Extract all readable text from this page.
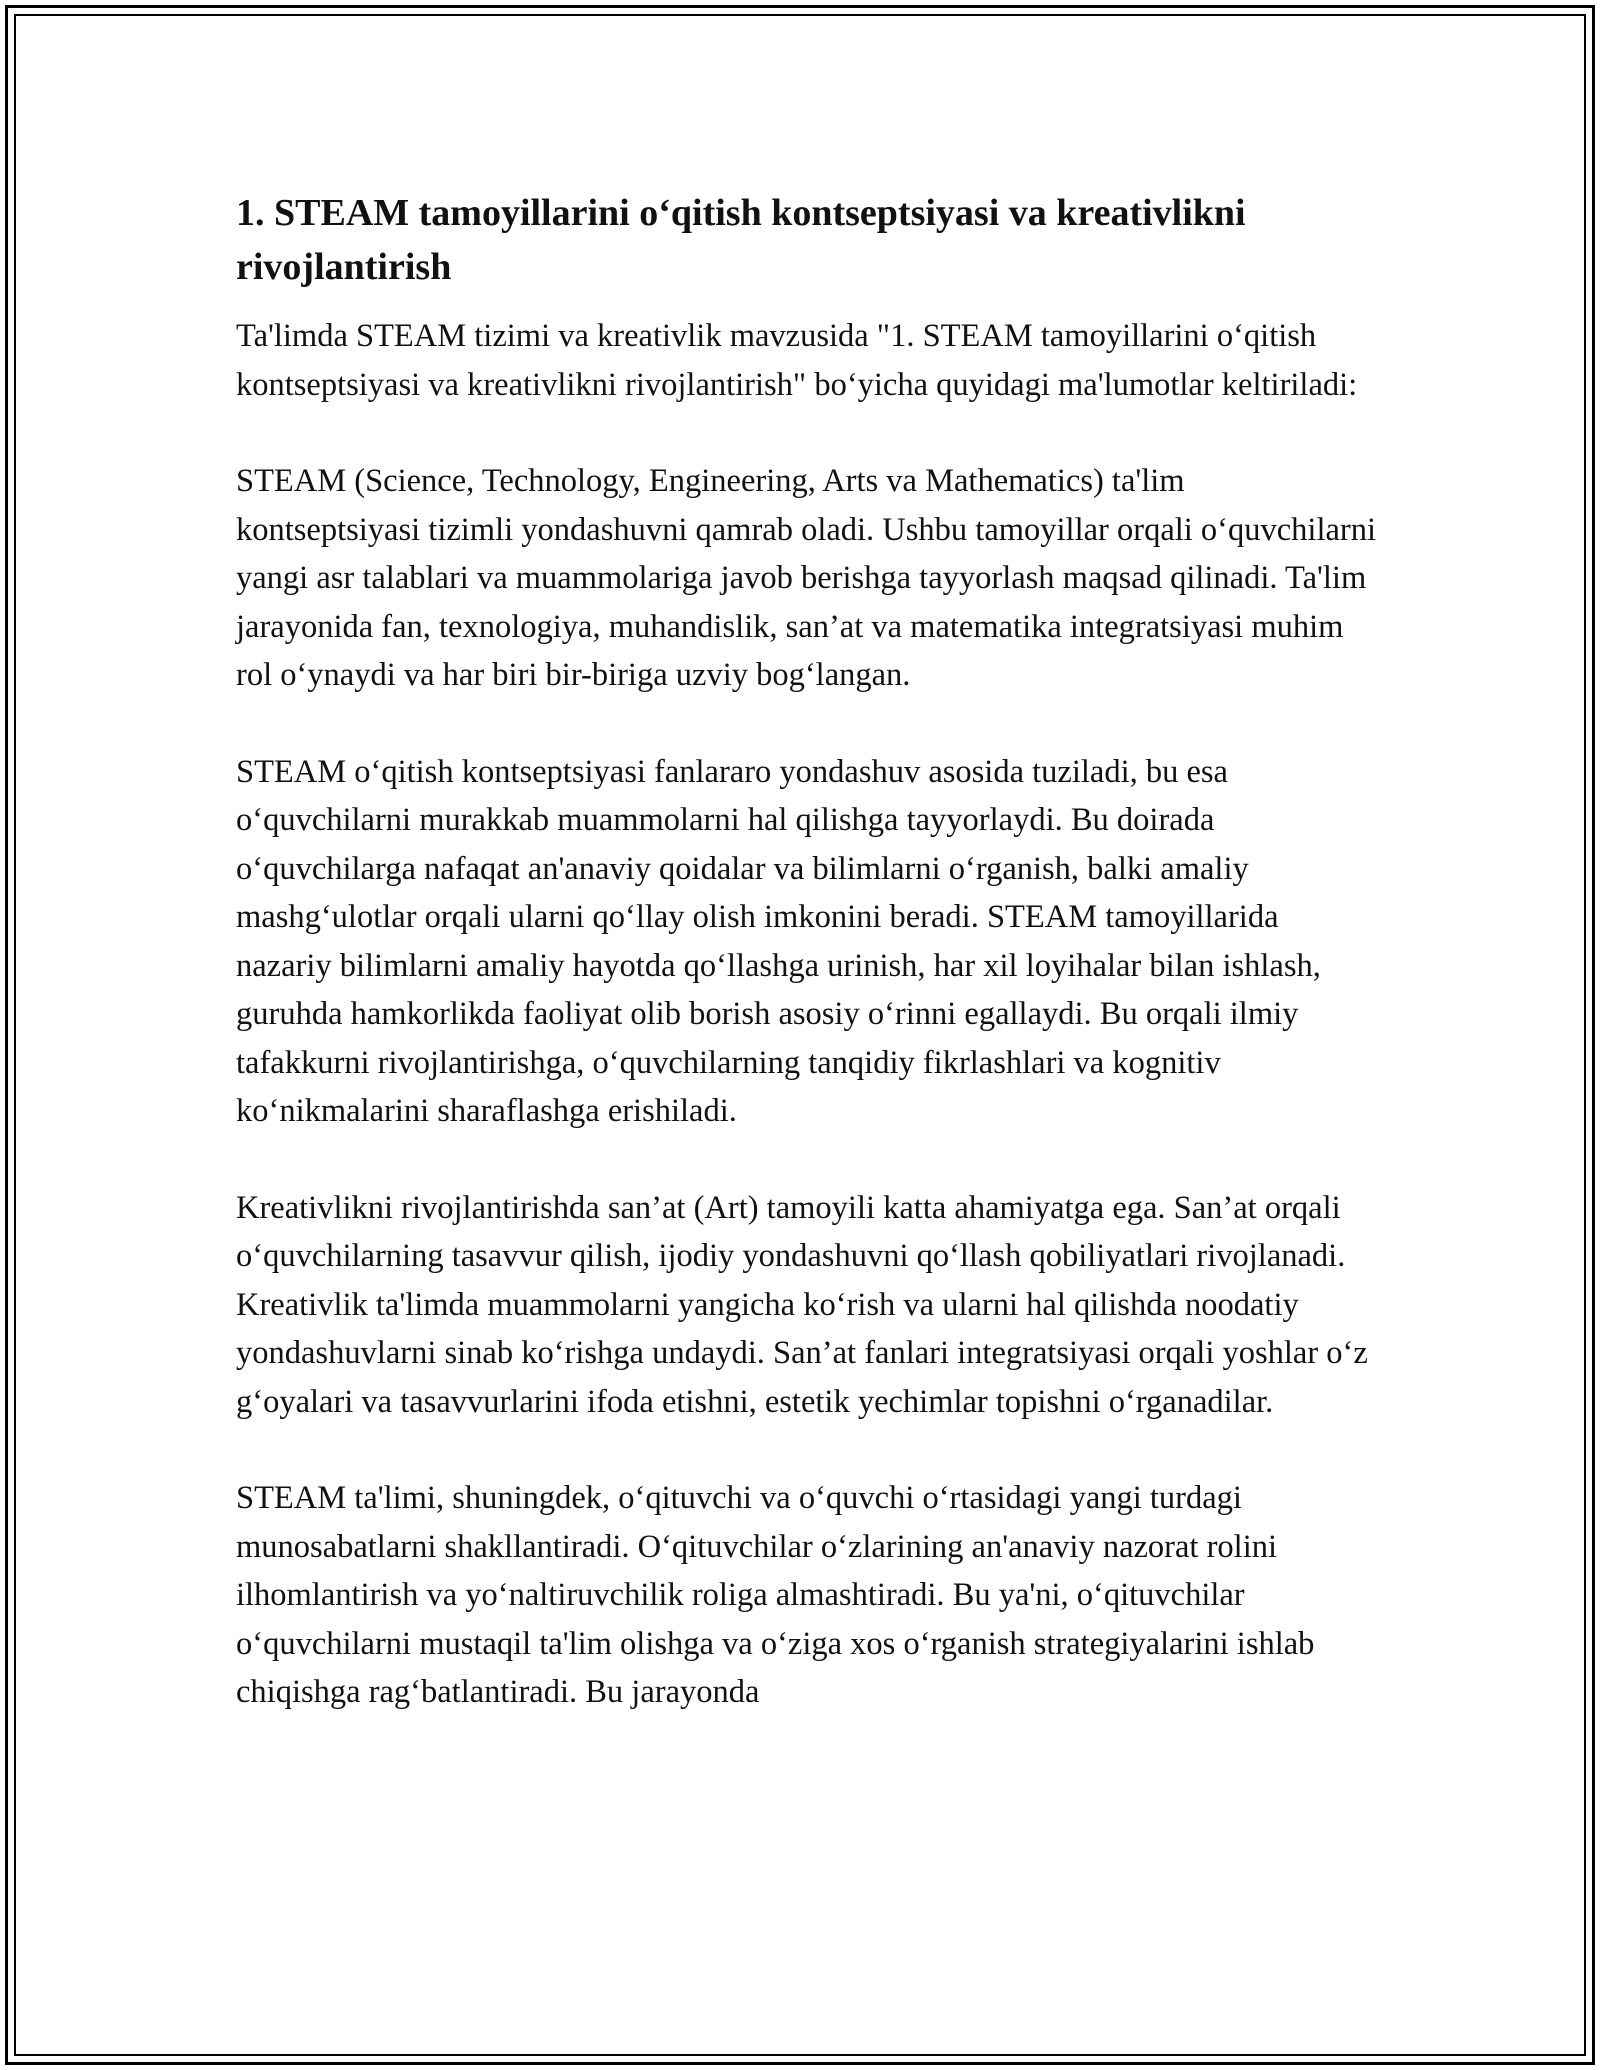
1. STEAM tamoyillarini o‘qitish kontseptsiyasi va kreativlikni rivojlantirish

Ta'limda STEAM tizimi va kreativlik mavzusida "1. STEAM tamoyillarini o‘qitish kontseptsiyasi va kreativlikni rivojlantirish" bo‘yicha quyidagi ma'lumotlar keltiriladi:

STEAM (Science, Technology, Engineering, Arts va Mathematics) ta'lim kontseptsiyasi tizimli yondashuvni qamrab oladi. Ushbu tamoyillar orqali o‘quvchilarni yangi asr talablari va muammolariga javob berishga tayyorlash maqsad qilinadi. Ta'lim jarayonida fan, texnologiya, muhandislik, san’at va matematika integratsiyasi muhim rol o‘ynaydi va har biri bir-biriga uzviy bog‘langan.

STEAM o‘qitish kontseptsiyasi fanlararo yondashuv asosida tuziladi, bu esa o‘quvchilarni murakkab muammolarni hal qilishga tayyorlaydi. Bu doirada o‘quvchilarga nafaqat an'anaviy qoidalar va bilimlarni o‘rganish, balki amaliy mashg‘ulotlar orqali ularni qo‘llay olish imkonini beradi. STEAM tamoyillarida nazariy bilimlarni amaliy hayotda qo‘llashga urinish, har xil loyihalar bilan ishlash, guruhda hamkorlikda faoliyat olib borish asosiy o‘rinni egallaydi. Bu orqali ilmiy tafakkurni rivojlantirishga, o‘quvchilarning tanqidiy fikrlashlari va kognitiv ko‘nikmalarini sharaflashga erishiladi.

Kreativlikni rivojlantirishda san’at (Art) tamoyili katta ahamiyatga ega. San’at orqali o‘quvchilarning tasavvur qilish, ijodiy yondashuvni qo‘llash qobiliyatlari rivojlanadi. Kreativlik ta'limda muammolarni yangicha ko‘rish va ularni hal qilishda noodatiy yondashuvlarni sinab ko‘rishga undaydi. San’at fanlari integratsiyasi orqali yoshlar o‘z g‘oyalari va tasavvurlarini ifoda etishni, estetik yechimlar topishni o‘rganadilar.

STEAM ta'limi, shuningdek, o‘qituvchi va o‘quvchi o‘rtasidagi yangi turdagi munosabatlarni shakllantiradi. O‘qituvchilar o‘zlarining an'anaviy nazorat rolini ilhomlantirish va yo‘naltiruvchilik roliga almashtiradi. Bu ya'ni, o‘qituvchilar o‘quvchilarni mustaqil ta'lim olishga va o‘ziga xos o‘rganish strategiyalarini ishlab chiqishga rag‘batlantiradi. Bu jarayonda
